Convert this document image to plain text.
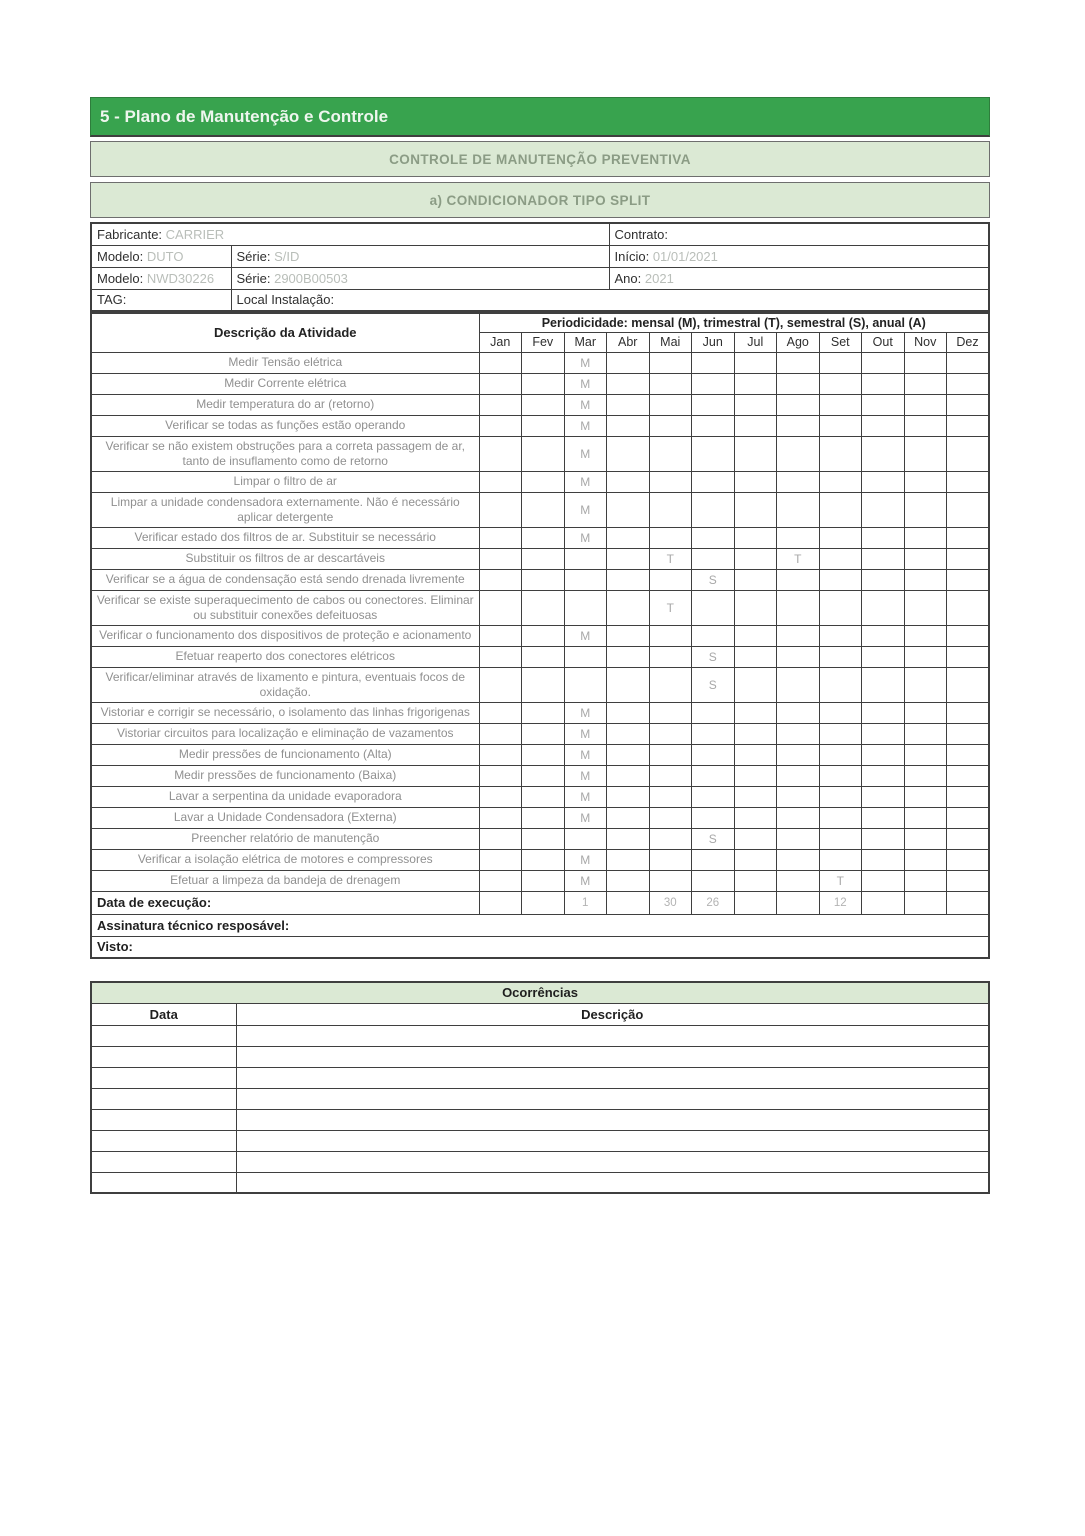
5 - Plano de Manutenção e Controle
CONTROLE DE MANUTENÇÃO PREVENTIVA
a) CONDICIONADOR TIPO SPLIT
Fabricante: CARRIER		Contrato:
Modelo: DUTO	Série: S/ID	Início: 01/01/2021
Modelo: NWD30226	Série: 2900B00503	Ano: 2021
TAG:	Local Instalação:	
Descrição da Atividade	Periodicidade: mensal (M), trimestral (T), semestral (S), anual (A)											
	Jan	Fev	Mar	Abr	Mai	Jun	Jul	Ago	Set	Out	Nov	Dez
Medir Tensão elétrica			M									
Medir Corrente elétrica			M									
Medir temperatura do ar (retorno)			M									
Verificar se todas as funções estão operando			M									
Verificar se não existem obstruções para a correta passagem de ar, tanto de insuflamento como de retorno			M									
Limpar o filtro de ar			M									
Limpar a unidade condensadora externamente. Não é necessário aplicar detergente			M									
Verificar estado dos filtros de ar. Substituir se necessário			M									
Substituir os filtros de ar descartáveis					T			T				
Verificar se a água de condensação está sendo drenada livremente						S						
Verificar se existe superaquecimento de cabos ou conectores. Eliminar ou substituir conexões defeituosas					T							
Verificar o funcionamento dos dispositivos de proteção e acionamento			M									
Efetuar reaperto dos conectores elétricos						S						
Verificar/eliminar através de lixamento e pintura, eventuais focos de oxidação.						S						
Vistoriar e corrigir se necessário, o isolamento das linhas frigorigenas			M									

Vistoriar circuitos para localização e eliminação de vazamentos			M									
Medir pressões de funcionamento (Alta)			M									
Medir pressões de funcionamento (Baixa)			M									
Lavar a serpentina da unidade evaporadora			M									
Lavar a Unidade Condensadora (Externa)			M									
Preencher relatório de manutenção						S						
Verificar a isolação elétrica de motores e compressores			M									
Efetuar a limpeza da bandeja de drenagem			M						T			
Data de execução:			1		30	26			12			
Assinatura técnico resposável:												
Visto:												
Ocorrências	
Data	Descrição
